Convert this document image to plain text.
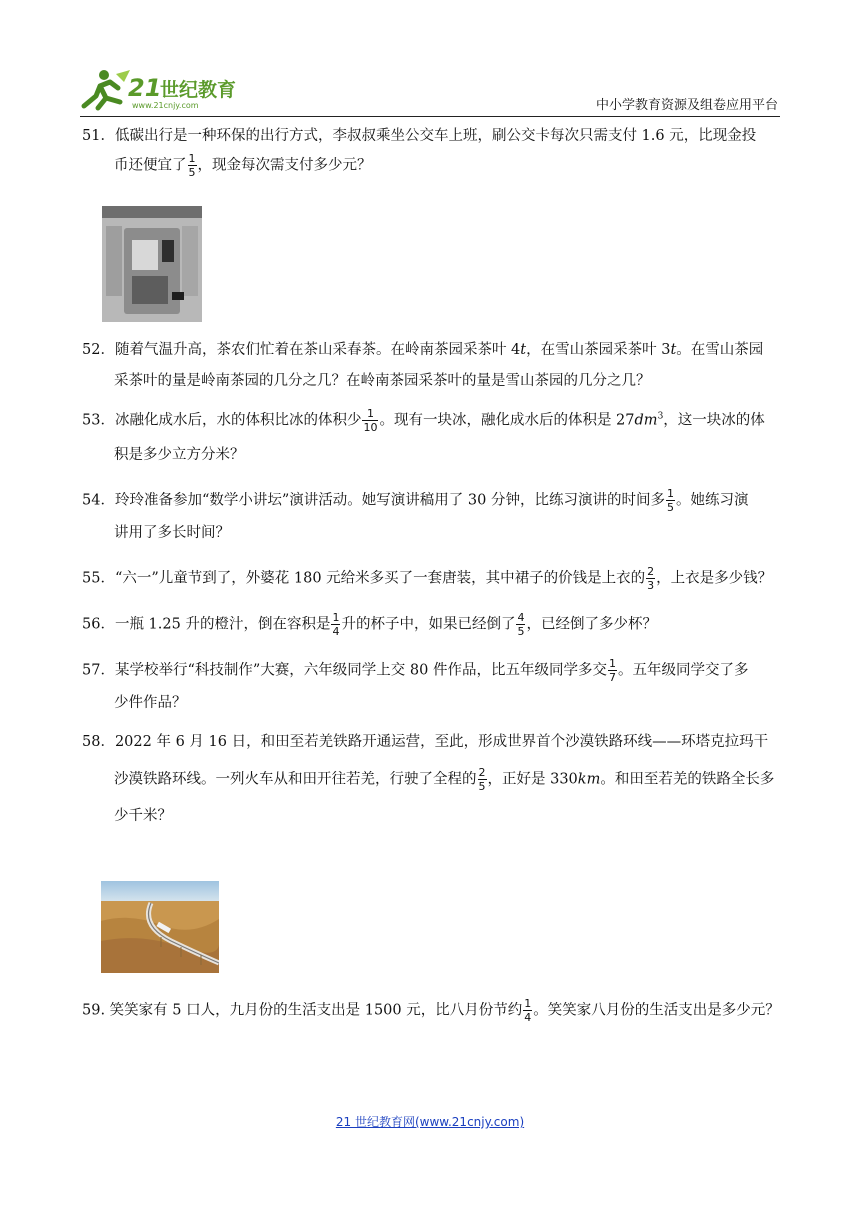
21
世纪教育
www.21cnjy.com	中小学教育资源及组卷应用平台
51．低碳出行是一种环保的出行方式，李叔叔乘坐公交车上班，刷公交卡每次只需支付 1.6 元，比现金投
币还便宜了 $\frac{1}{5}$ ，现金每次需支付多少元？
52．随着气温升高，茶农们忙着在茶山采春茶。在岭南茶园采茶叶 4t，在雪山茶园采茶叶 3t。在雪山茶园
采茶叶的量是岭南茶园的几分之几？在岭南茶园采茶叶的量是雪山茶园的几分之几？
53．冰融化成水后，水的体积比冰的体积少 $\frac{1}{10}$ 。现有一块冰，融化成水后的体积是 $27dm^3$，这一块冰的体
积是多少立方分米？
54．玲玲准备参加“数学小讲坛”演讲活动。她写演讲稿用了 30 分钟，比练习演讲的时间多 $\frac{1}{5}$ 。她练习演
讲用了多长时间？
55．“六一”儿童节到了，外婆花 180 元给米多买了一套唐装，其中裙子的价钱是上衣的 $\frac{2}{3}$ ，上衣是多少钱？
56．一瓶 1.25 升的橙汁，倒在容积是 $\frac{1}{4}$ 升的杯子中，如果已经倒了 $\frac{4}{5}$ ，已经倒了多少杯？
57．某学校举行“科技制作”大赛，六年级同学上交 80 件作品，比五年级同学多交 $\frac{1}{7}$ 。五年级同学交了多
少件作品？
58．2022 年 6 月 16 日，和田至若羌铁路开通运营，至此，形成世界首个沙漠铁路环线——环塔克拉玛干
沙漠铁路环线。一列火车从和田开往若羌，行驶了全程的 $\frac{2}{5}$ ，正好是 330km。和田至若羌的铁路全长多
少千米？
59. 笑笑家有 5 口人，九月份的生活支出是 1500 元，比八月份节约 $\frac{1}{4}$ 。笑笑家八月份的生活支出是多少元？
21 世纪教育网(www.21cnjy.com)
